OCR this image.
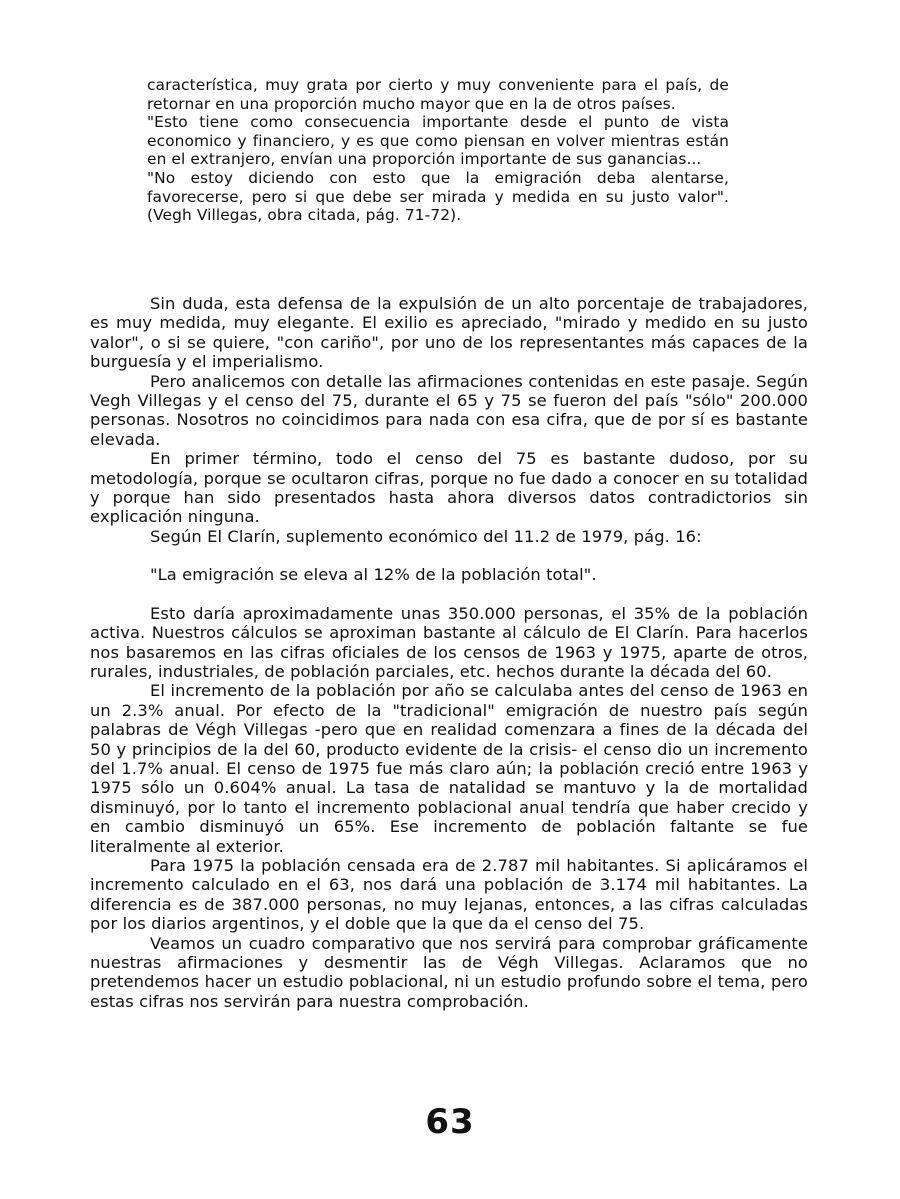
característica, muy grata por cierto y muy conveniente para el país, de retornar en una proporción mucho mayor que en la de otros países.

"Esto tiene como consecuencia importante desde el punto de vista economico y financiero, y es que como piensan en volver mientras están en el extranjero, envían una proporción importante de sus ganancias...

"No estoy diciendo con esto que la emigración deba alentarse, favorecerse, pero si que debe ser mirada y medida en su justo valor". (Vegh Villegas, obra citada, pág. 71-72).

Sin duda, esta defensa de la expulsión de un alto porcentaje de trabajadores, es muy medida, muy elegante. El exilio es apreciado, "mirado y medido en su justo valor", o si se quiere, "con cariño", por uno de los representantes más capaces de la burguesía y el imperialismo.

Pero analicemos con detalle las afirmaciones contenidas en este pasaje. Según Vegh Villegas y el censo del 75, durante el 65 y 75 se fueron del país "sólo" 200.000 personas. Nosotros no coincidimos para nada con esa cifra, que de por sí es bastante elevada.

En primer término, todo el censo del 75 es bastante dudoso, por su metodología, porque se ocultaron cifras, porque no fue dado a conocer en su totalidad y porque han sido presentados hasta ahora diversos datos contradictorios sin explicación ninguna.

Según El Clarín, suplemento económico del 11.2 de 1979, pág. 16:

"La emigración se eleva al 12% de la población total".

Esto daría aproximadamente unas 350.000 personas, el 35% de la población activa. Nuestros cálculos se aproximan bastante al cálculo de El Clarín. Para hacerlos nos basaremos en las cifras oficiales de los censos de 1963 y 1975, aparte de otros, rurales, industriales, de población parciales, etc. hechos durante la década del 60.

El incremento de la población por año se calculaba antes del censo de 1963 en un 2.3% anual. Por efecto de la "tradicional" emigración de nuestro país según palabras de Végh Villegas -pero que en realidad comenzara a fines de la década del 50 y principios de la del 60, producto evidente de la crisis- el censo dio un incremento del 1.7% anual. El censo de 1975 fue más claro aún; la población creció entre 1963 y 1975 sólo un 0.604% anual. La tasa de natalidad se mantuvo y la de mortalidad disminuyó, por lo tanto el incremento poblacional anual tendría que haber crecido y en cambio disminuyó un 65%. Ese incremento de población faltante se fue literalmente al exterior.

Para 1975 la población censada era de 2.787 mil habitantes. Si aplicáramos el incremento calculado en el 63, nos dará una población de 3.174 mil habitantes. La diferencia es de 387.000 personas, no muy lejanas, entonces, a las cifras calculadas por los diarios argentinos, y el doble que la que da el censo del 75.

Veamos un cuadro comparativo que nos servirá para comprobar gráficamente nuestras afirmaciones y desmentir las de Végh Villegas. Aclaramos que no pretendemos hacer un estudio poblacional, ni un estudio profundo sobre el tema, pero estas cifras nos servirán para nuestra comprobación.

63
